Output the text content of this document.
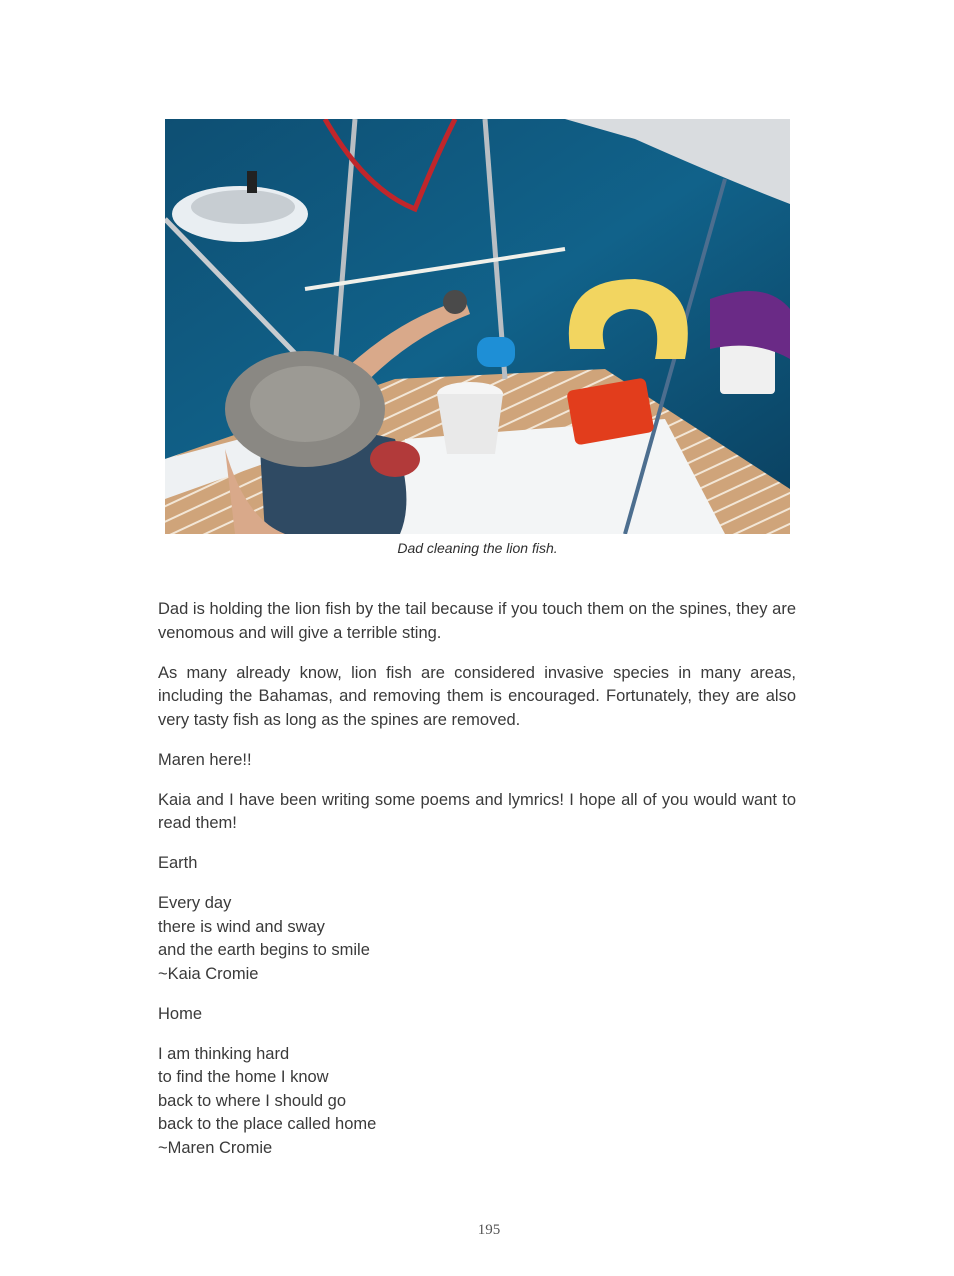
Dad cleaning the lion fish.

Dad is holding the lion fish by the tail because if you touch them on the spines, they are venomous and will give a terrible sting.

As many already know, lion fish are considered invasive species in many areas, including the Bahamas, and removing them is encouraged. Fortunately, they are also very tasty fish as long as the spines are removed.

Maren here!!

Kaia and I have been writing some poems and lymrics! I hope all of you would want to read them!

Earth

Every day
there is wind and sway
and the earth begins to smile
~Kaia Cromie

Home

I am thinking hard
to find the home I know
back to where I should go
back to the place called home
~Maren Cromie
195
